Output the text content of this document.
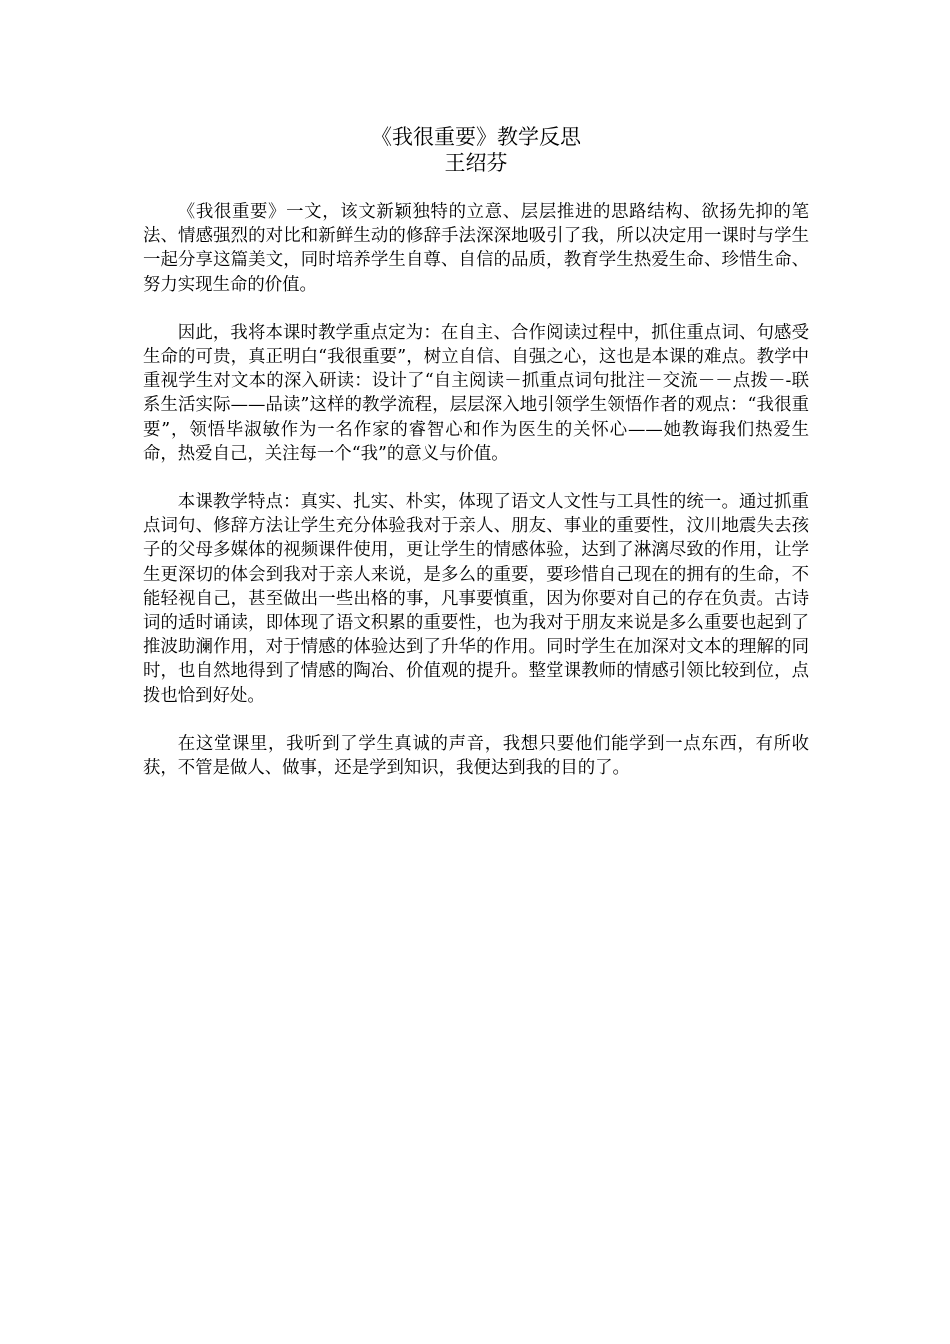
《我很重要》教学反思
王绍芬

《我很重要》一文，该文新颖独特的立意、层层推进的思路结构、欲扬先抑的笔法、情感强烈的对比和新鲜生动的修辞手法深深地吸引了我，所以决定用一课时与学生一起分享这篇美文，同时培养学生自尊、自信的品质，教育学生热爱生命、珍惜生命、努力实现生命的价值。

因此，我将本课时教学重点定为：在自主、合作阅读过程中，抓住重点词、句感受生命的可贵，真正明白“我很重要”，树立自信、自强之心，这也是本课的难点。教学中重视学生对文本的深入研读：设计了“自主阅读－抓重点词句批注－交流－－点拨－-联系生活实际——品读”这样的教学流程，层层深入地引领学生领悟作者的观点：“我很重要”，领悟毕淑敏作为一名作家的睿智心和作为医生的关怀心——她教诲我们热爱生命，热爱自己，关注每一个“我”的意义与价值。

本课教学特点：真实、扎实、朴实，体现了语文人文性与工具性的统一。通过抓重点词句、修辞方法让学生充分体验我对于亲人、朋友、事业的重要性，汶川地震失去孩子的父母多媒体的视频课件使用，更让学生的情感体验，达到了淋漓尽致的作用，让学生更深切的体会到我对于亲人来说，是多么的重要，要珍惜自己现在的拥有的生命，不能轻视自己，甚至做出一些出格的事，凡事要慎重，因为你要对自己的存在负责。古诗词的适时诵读，即体现了语文积累的重要性，也为我对于朋友来说是多么重要也起到了推波助澜作用，对于情感的体验达到了升华的作用。同时学生在加深对文本的理解的同时，也自然地得到了情感的陶冶、价值观的提升。整堂课教师的情感引领比较到位，点拨也恰到好处。

在这堂课里，我听到了学生真诚的声音，我想只要他们能学到一点东西，有所收获，不管是做人、做事，还是学到知识，我便达到我的目的了。
